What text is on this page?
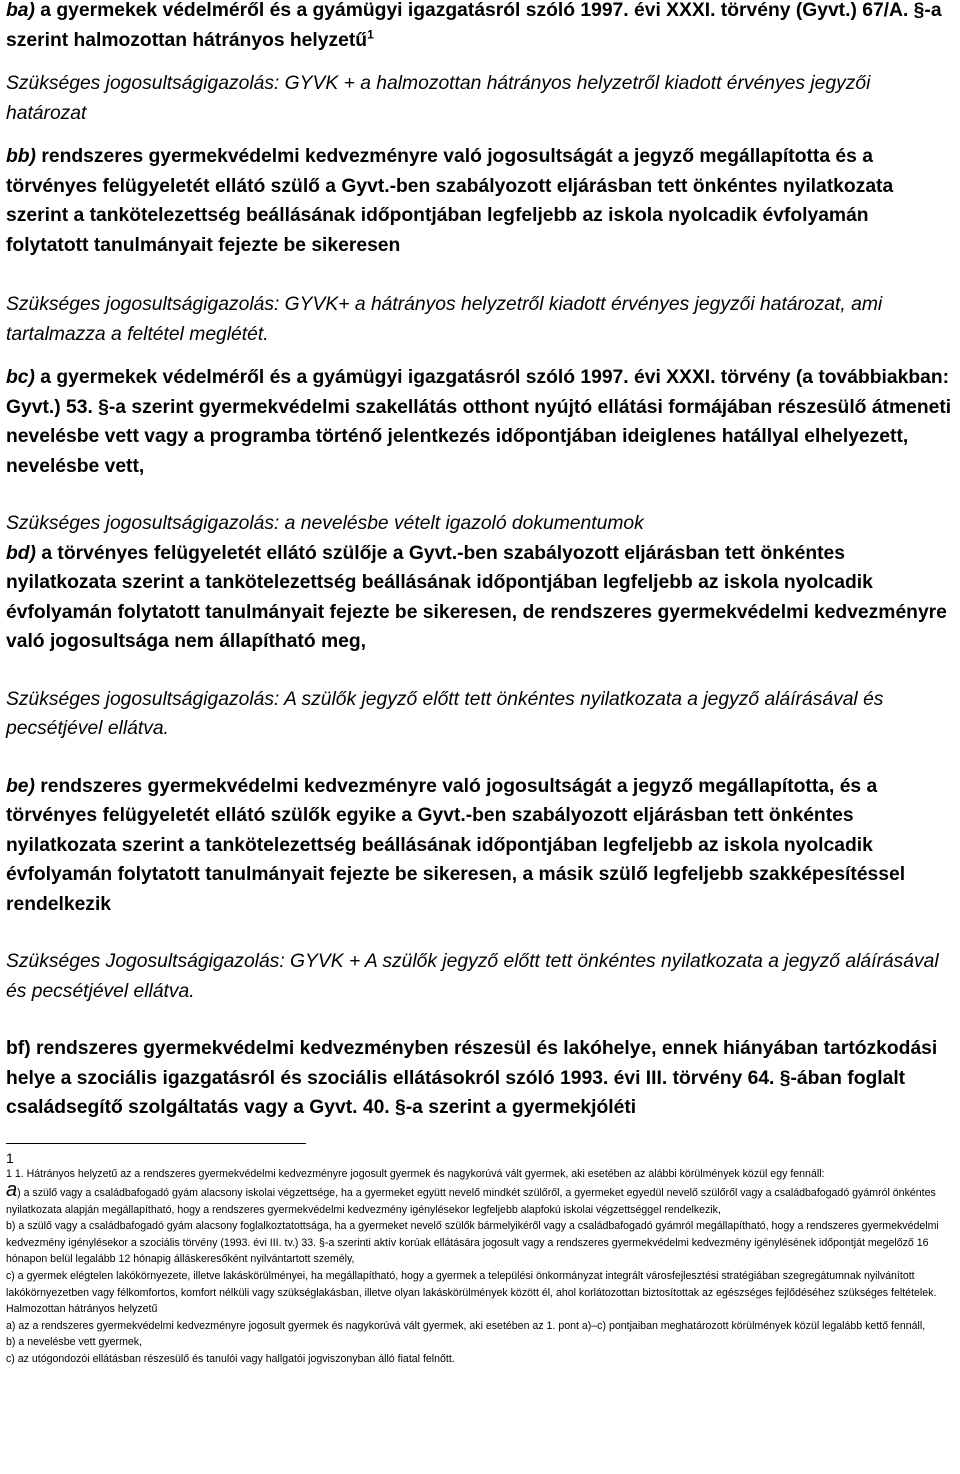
ba) a gyermekek védelméről és a gyámügyi igazgatásról szóló 1997. évi XXXI. törvény (Gyvt.) 67/A. §-a szerint halmozottan hátrányos helyzetű$^1$

Szükséges jogosultságigazolás: GYVK + a halmozottan hátrányos helyzetről kiadott érvényes jegyzői határozat

bb) rendszeres gyermekvédelmi kedvezményre való jogosultságát a jegyző megállapította és a törvényes felügyeletét ellátó szülő a Gyvt.-ben szabályozott eljárásban tett önkéntes nyilatkozata szerint a tankötelezettség beállásának időpontjában legfeljebb az iskola nyolcadik évfolyamán folytatott tanulmányait fejezte be sikeresen

Szükséges jogosultságigazolás: GYVK+ a hátrányos helyzetről kiadott érvényes jegyzői határozat, ami tartalmazza a feltétel meglétét.

bc) a gyermekek védelméről és a gyámügyi igazgatásról szóló 1997. évi XXXI. törvény (a továbbiakban: Gyvt.) 53. §-a szerint gyermekvédelmi szakellátás otthont nyújtó ellátási formájában részesülő átmeneti nevelésbe vett vagy a programba történő jelentkezés időpontjában ideiglenes hatállyal elhelyezett, nevelésbe vett,

Szükséges jogosultságigazolás: a nevelésbe vételt igazoló dokumentumok

bd) a törvényes felügyeletét ellátó szülője a Gyvt.-ben szabályozott eljárásban tett önkéntes nyilatkozata szerint a tankötelezettség beállásának időpontjában legfeljebb az iskola nyolcadik évfolyamán folytatott tanulmányait fejezte be sikeresen, de rendszeres gyermekvédelmi kedvezményre való jogosultsága nem állapítható meg,

Szükséges jogosultságigazolás: A szülők jegyző előtt tett önkéntes nyilatkozata a jegyző aláírásával és pecsétjével ellátva.

be) rendszeres gyermekvédelmi kedvezményre való jogosultságát a jegyző megállapította, és a törvényes felügyeletét ellátó szülők egyike a Gyvt.-ben szabályozott eljárásban tett önkéntes nyilatkozata szerint a tankötelezettség beállásának időpontjában legfeljebb az iskola nyolcadik évfolyamán folytatott tanulmányait fejezte be sikeresen, a másik szülő legfeljebb szakképesítéssel rendelkezik

Szükséges Jogosultságigazolás: GYVK + A szülők jegyző előtt tett önkéntes nyilatkozata a jegyző aláírásával és pecsétjével ellátva.

bf) rendszeres gyermekvédelmi kedvezményben részesül és lakóhelye, ennek hiányában tartózkodási helye a szociális igazgatásról és szociális ellátásokról szóló 1993. évi III. törvény 64. §-ában foglalt családsegítő szolgáltatás vagy a Gyvt. 40. §-a szerint a gyermekjóléti

1

1 1. Hátrányos helyzetű az a rendszeres gyermekvédelmi kedvezményre jogosult gyermek és nagykorúvá vált gyermek, aki esetében az alábbi körülmények közül egy fennáll:

a) a szülő vagy a családbafogadó gyám alacsony iskolai végzettsége, ha a gyermeket együtt nevelő mindkét szülőről, a gyermeket egyedül nevelő szülőről vagy a családbafogadó gyámról önkéntes nyilatkozata alapján megállapítható, hogy a rendszeres gyermekvédelmi kedvezmény igénylésekor legfeljebb alapfokú iskolai végzettséggel rendelkezik,

b) a szülő vagy a családbafogadó gyám alacsony foglalkoztatottsága, ha a gyermeket nevelő szülők bármelyikéről vagy a családbafogadó gyámról megállapítható, hogy a rendszeres gyermekvédelmi kedvezmény igénylésekor a szociális törvény (1993. évi III. tv.) 33. §-a szerinti aktív korúak ellátására jogosult vagy a rendszeres gyermekvédelmi kedvezmény igénylésének időpontját megelőző 16 hónapon belül legalább 12 hónapig álláskeresőként nyilvántartott személy,

c) a gyermek elégtelen lakókörnyezete, illetve lakáskörülményei, ha megállapítható, hogy a gyermek a települési önkormányzat integrált városfejlesztési stratégiában szegregátumnak nyilvánított lakókörnyezetben vagy félkomfortos, komfort nélküli vagy szükséglakásban, illetve olyan lakáskörülmények között él, ahol korlátozottan biztosítottak az egészséges fejlődéséhez szükséges feltételek.

Halmozottan hátrányos helyzetű

a) az a rendszeres gyermekvédelmi kedvezményre jogosult gyermek és nagykorúvá vált gyermek, aki esetében az 1. pont a)–c) pontjaiban meghatározott körülmények közül legalább kettő fennáll,

b) a nevelésbe vett gyermek,

c) az utógondozói ellátásban részesülő és tanulói vagy hallgatói jogviszonyban álló fiatal felnőtt.
